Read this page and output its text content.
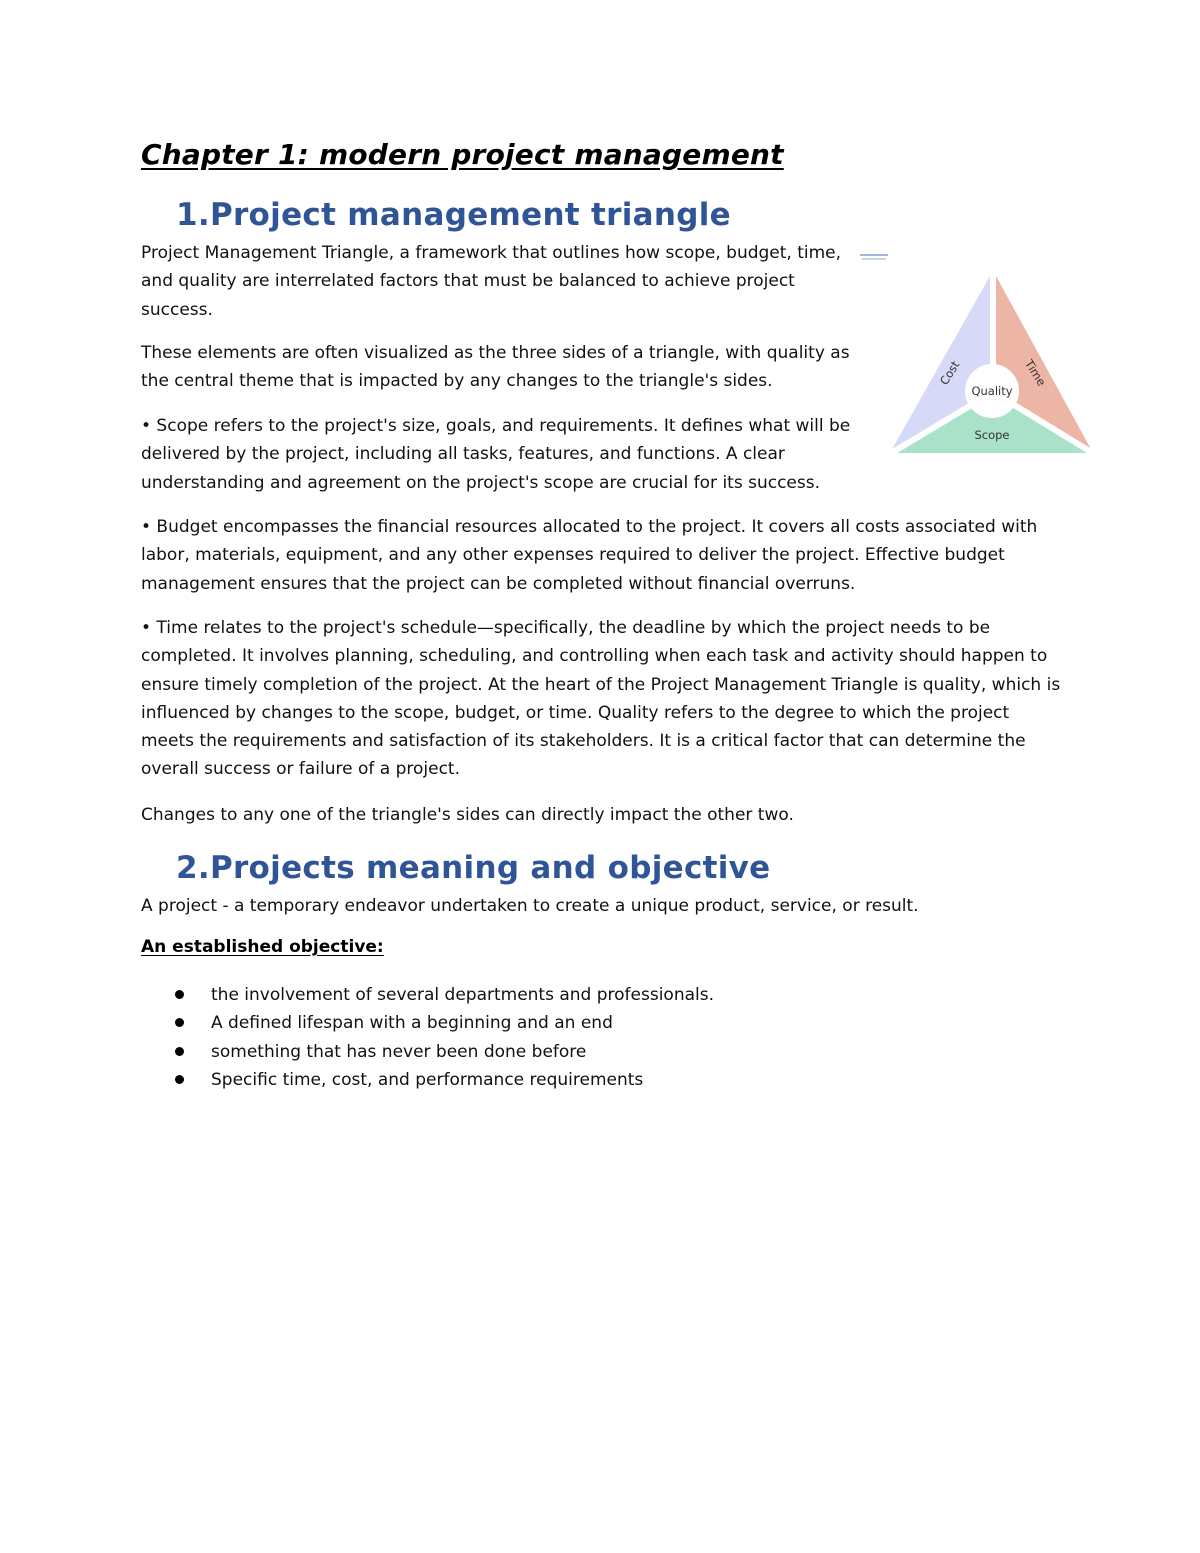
Chapter 1: modern project management
1.Project management triangle

Project Management Triangle, a framework that outlines how scope, budget, time, and quality are interrelated factors that must be balanced to achieve project success.

These elements are often visualized as the three sides of a triangle, with quality as the central theme that is impacted by any changes to the triangle's sides.

• Scope refers to the project's size, goals, and requirements. It defines what will be delivered by the project, including all tasks, features, and functions. A clear understanding and agreement on the project's scope are crucial for its success.

• Budget encompasses the financial resources allocated to the project. It covers all costs associated with labor, materials, equipment, and any other expenses required to deliver the project. Effective budget management ensures that the project can be completed without financial overruns.

• Time relates to the project's schedule—specifically, the deadline by which the project needs to be completed. It involves planning, scheduling, and controlling when each task and activity should happen to ensure timely completion of the project. At the heart of the Project Management Triangle is quality, which is influenced by changes to the scope, budget, or time. Quality refers to the degree to which the project meets the requirements and satisfaction of its stakeholders. It is a critical factor that can determine the overall success or failure of a project.

Changes to any one of the triangle's sides can directly impact the other two.

Quality
Cost	Time
Scope
2.Projects meaning and objective

A project - a temporary endeavor undertaken to create a unique product, service, or result.

An established objective:

the involvement of several departments and professionals.
A defined lifespan with a beginning and an end
something that has never been done before
Specific time, cost, and performance requirements
